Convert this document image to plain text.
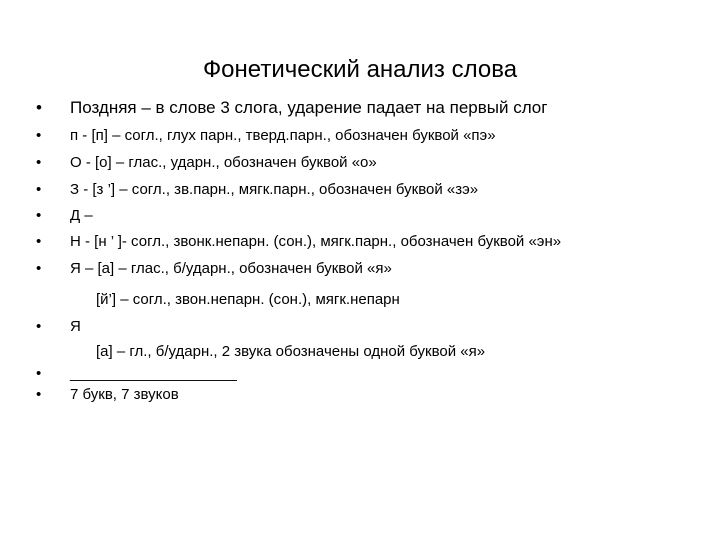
Фонетический анализ слова
• Поздняя – в слове 3 слога, ударение падает на первый слог
• п - [п] – согл., глух парн., тверд.парн., обозначен буквой «пэ»
• О - [о] – глас., ударн., обозначен буквой «о»
• З - [з ’] – согл., зв.парн., мягк.парн., обозначен буквой «зэ»
• Д –
• Н - [н ’ ]- согл., звонк.непарн. (сон.), мягк.парн., обозначен буквой «эн»
• Я – [а] – глас., б/ударн., обозначен буквой «я»
[й’] – согл., звон.непарн. (сон.), мягк.непарн
• Я
[а] – гл., б/ударн., 2 звука обозначены одной буквой «я»
• ____________________
• 7 букв, 7 звуков
